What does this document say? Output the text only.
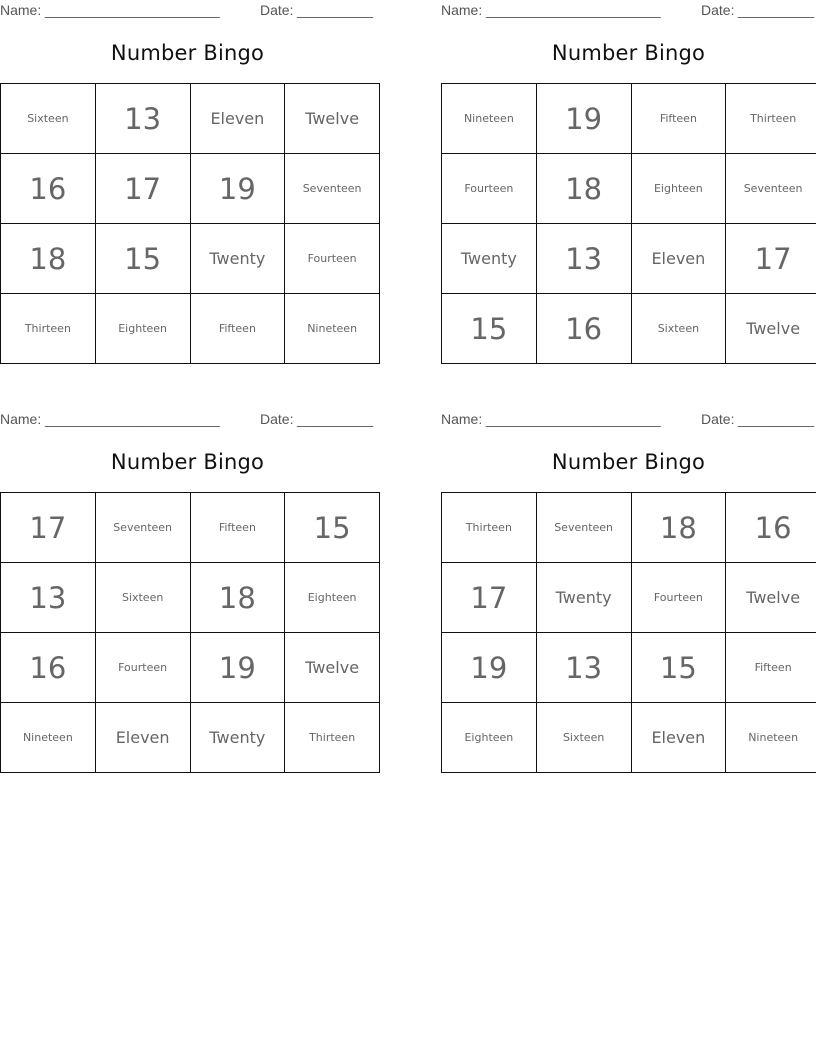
Name: _______________________	Date: __________
Number Bingo
Sixteen	13	Eleven	Twelve
16	17	19	Seventeen
18	15	Twenty	Fourteen
Thirteen	Eighteen	Fifteen	Nineteen
Name: _______________________	Date: __________
Number Bingo
Nineteen	19	Fifteen	Thirteen
Fourteen	18	Eighteen	Seventeen
Twenty	13	Eleven	17
15	16	Sixteen	Twelve
Name: _______________________	Date: __________
Number Bingo
17	Seventeen	Fifteen	15
13	Sixteen	18	Eighteen
16	Fourteen	19	Twelve
Nineteen	Eleven	Twenty	Thirteen
Name: _______________________	Date: __________
Number Bingo
Thirteen	Seventeen	18	16
17	Twenty	Fourteen	Twelve
19	13	15	Fifteen
Eighteen	Sixteen	Eleven	Nineteen
